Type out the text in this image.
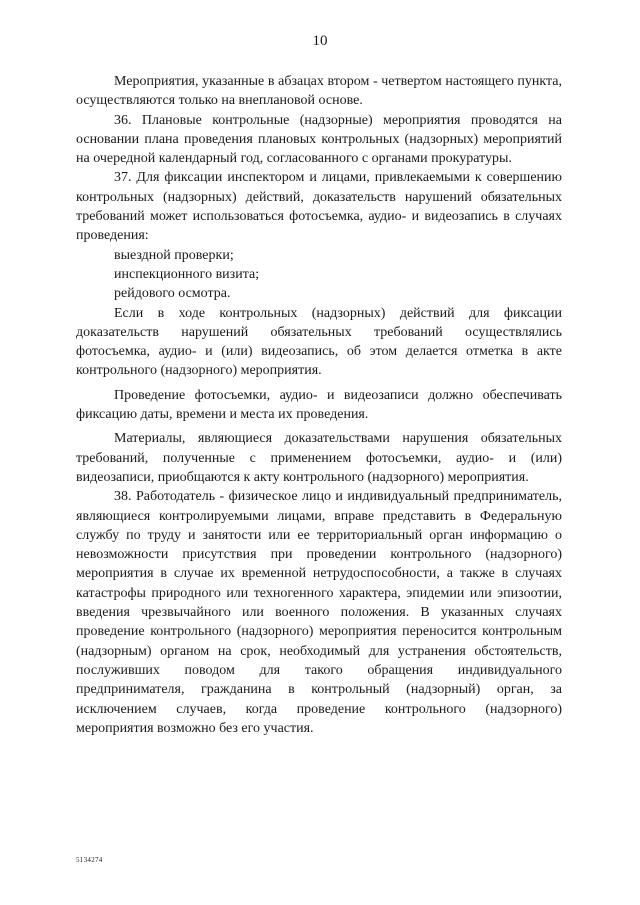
10

Мероприятия, указанные в абзацах втором - четвертом настоящего пункта, осуществляются только на внеплановой основе.

36. Плановые контрольные (надзорные) мероприятия проводятся на основании плана проведения плановых контрольных (надзорных) мероприятий на очередной календарный год, согласованного с органами прокуратуры.

37. Для фиксации инспектором и лицами, привлекаемыми к совершению контрольных (надзорных) действий, доказательств нарушений обязательных требований может использоваться фотосъемка, аудио- и видеозапись в случаях проведения:

выездной проверки;

инспекционного визита;

рейдового осмотра.

Если в ходе контрольных (надзорных) действий для фиксации доказательств нарушений обязательных требований осуществлялись фотосъемка, аудио- и (или) видеозапись, об этом делается отметка в акте контрольного (надзорного) мероприятия.

Проведение фотосъемки, аудио- и видеозаписи должно обеспечивать фиксацию даты, времени и места их проведения.

Материалы, являющиеся доказательствами нарушения обязательных требований, полученные с применением фотосъемки, аудио- и (или) видеозаписи, приобщаются к акту контрольного (надзорного) мероприятия.

38. Работодатель - физическое лицо и индивидуальный предприниматель, являющиеся контролируемыми лицами, вправе представить в Федеральную службу по труду и занятости или ее территориальный орган информацию о невозможности присутствия при проведении контрольного (надзорного) мероприятия в случае их временной нетрудоспособности, а также в случаях катастрофы природного или техногенного характера, эпидемии или эпизоотии, введения чрезвычайного или военного положения. В указанных случаях проведение контрольного (надзорного) мероприятия переносится контрольным (надзорным) органом на срок, необходимый для устранения обстоятельств, послуживших поводом для такого обращения индивидуального предпринимателя, гражданина в контрольный (надзорный) орган, за исключением случаев, когда проведение контрольного (надзорного) мероприятия возможно без его участия.

5134274
